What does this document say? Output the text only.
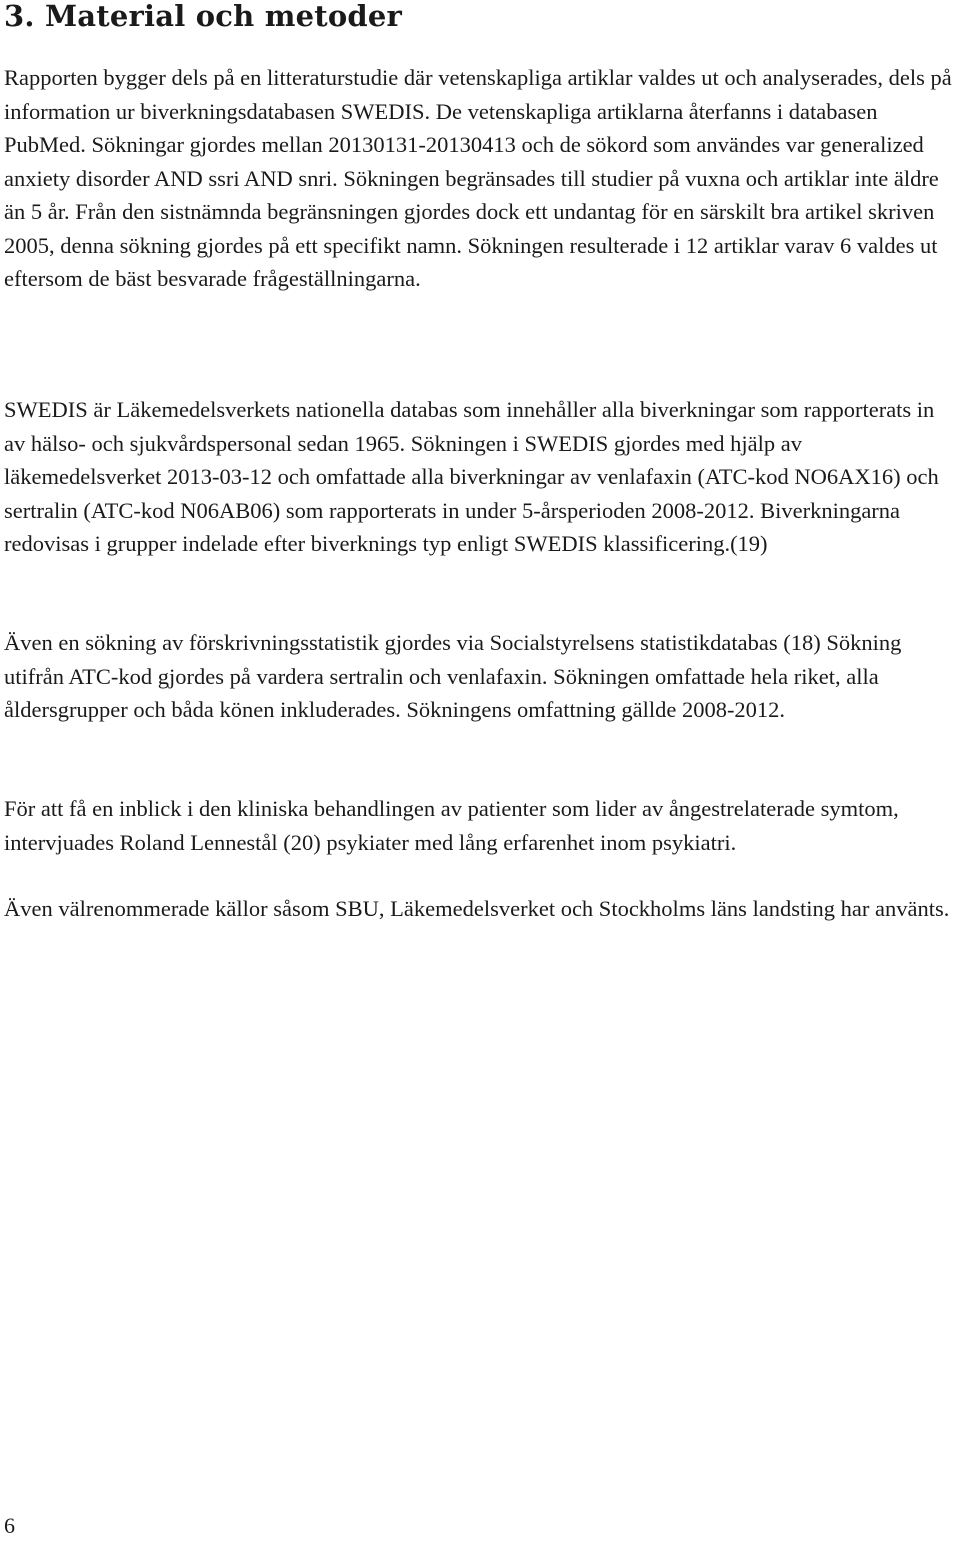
3. Material och metoder

Rapporten bygger dels på en litteraturstudie där vetenskapliga artiklar valdes ut och analyserades, dels på information ur biverkningsdatabasen SWEDIS. De vetenskapliga artiklarna återfanns i databasen PubMed. Sökningar gjordes mellan 20130131-20130413 och de sökord som användes var generalized anxiety disorder AND ssri AND snri. Sökningen begränsades till studier på vuxna och artiklar inte äldre än 5 år. Från den sistnämnda begränsningen gjordes dock ett undantag för en särskilt bra artikel skriven 2005, denna sökning gjordes på ett specifikt namn. Sökningen resulterade i 12 artiklar varav 6 valdes ut eftersom de bäst besvarade frågeställningarna.

SWEDIS är Läkemedelsverkets nationella databas som innehåller alla biverkningar som rapporterats in av hälso- och sjukvårdspersonal sedan 1965. Sökningen i SWEDIS gjordes med hjälp av läkemedelsverket 2013-03-12 och omfattade alla biverkningar av venlafaxin (ATC-kod NO6AX16) och sertralin (ATC-kod N06AB06) som rapporterats in under 5-årsperioden 2008-2012. Biverkningarna redovisas i grupper indelade efter biverknings typ enligt SWEDIS klassificering.(19)

Även en sökning av förskrivningsstatistik gjordes via Socialstyrelsens statistikdatabas (18) Sökning utifrån ATC-kod gjordes på vardera sertralin och venlafaxin. Sökningen omfattade hela riket, alla åldersgrupper och båda könen inkluderades. Sökningens omfattning gällde 2008-2012.

För att få en inblick i den kliniska behandlingen av patienter som lider av ångestrelaterade symtom, intervjuades Roland Lennestål (20) psykiater med lång erfarenhet inom psykiatri.

Även välrenommerade källor såsom SBU, Läkemedelsverket och Stockholms läns landsting har använts.

6
